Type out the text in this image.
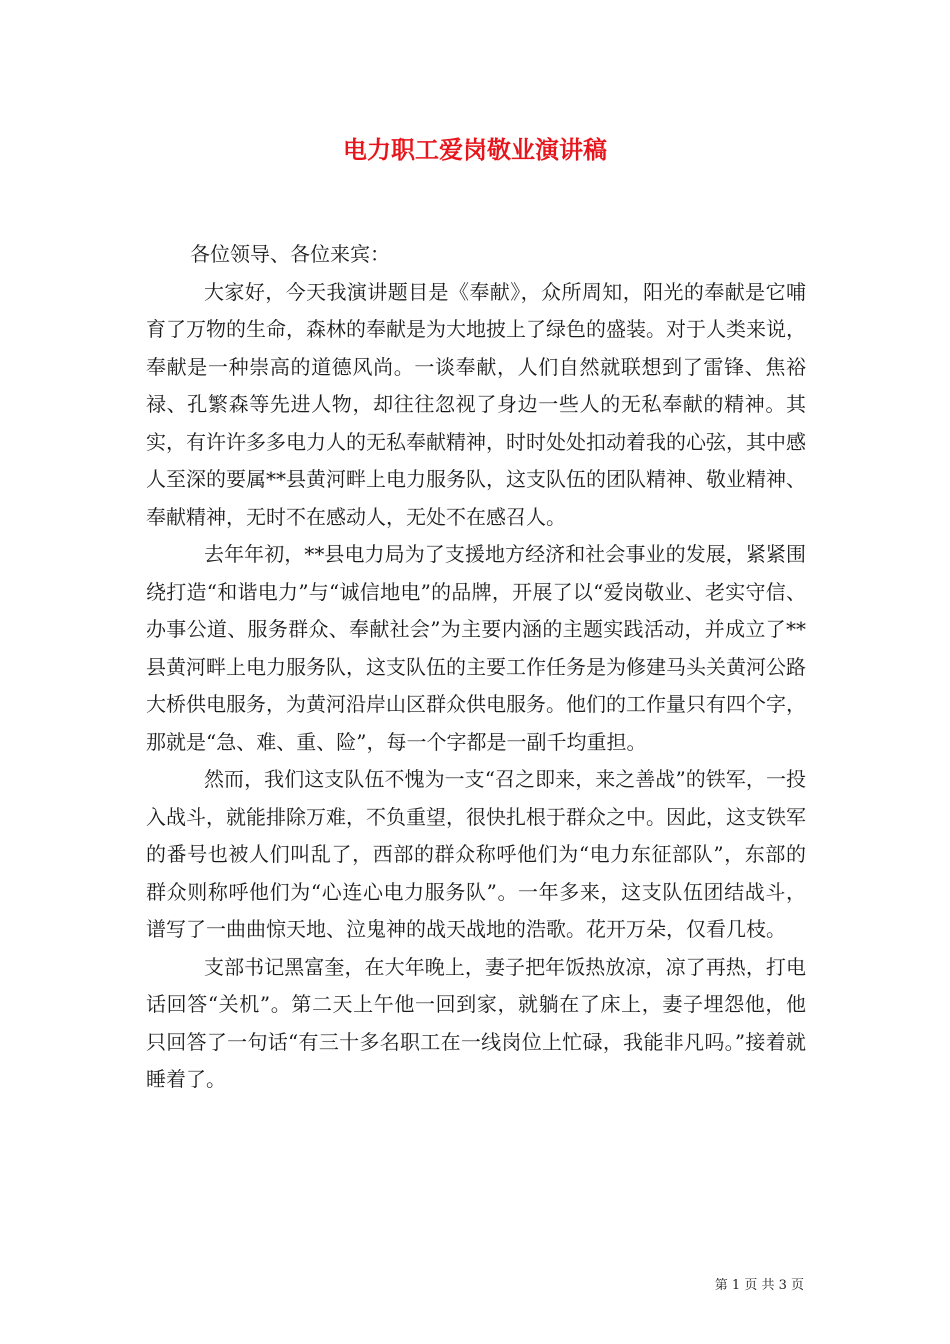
电力职工爱岗敬业演讲稿

各位领导、各位来宾：

大家好，今天我演讲题目是《奉献》，众所周知，阳光的奉献是它哺育了万物的生命，森林的奉献是为大地披上了绿色的盛装。对于人类来说，奉献是一种崇高的道德风尚。一谈奉献，人们自然就联想到了雷锋、焦裕禄、孔繁森等先进人物，却往往忽视了身边一些人的无私奉献的精神。其实，有许许多多电力人的无私奉献精神，时时处处扣动着我的心弦，其中感人至深的要属**县黄河畔上电力服务队，这支队伍的团队精神、敬业精神、奉献精神，无时不在感动人，无处不在感召人。

去年年初，**县电力局为了支援地方经济和社会事业的发展，紧紧围绕打造“和谐电力”与“诚信地电”的品牌，开展了以“爱岗敬业、老实守信、办事公道、服务群众、奉献社会”为主要内涵的主题实践活动，并成立了**县黄河畔上电力服务队，这支队伍的主要工作任务是为修建马头关黄河公路大桥供电服务，为黄河沿岸山区群众供电服务。他们的工作量只有四个字，那就是“急、难、重、险”，每一个字都是一副千均重担。

然而，我们这支队伍不愧为一支“召之即来，来之善战”的铁军，一投入战斗，就能排除万难，不负重望，很快扎根于群众之中。因此，这支铁军的番号也被人们叫乱了，西部的群众称呼他们为“电力东征部队”，东部的群众则称呼他们为“心连心电力服务队”。一年多来，这支队伍团结战斗，谱写了一曲曲惊天地、泣鬼神的战天战地的浩歌。花开万朵，仅看几枝。

支部书记黑富奎，在大年晚上，妻子把年饭热放凉，凉了再热，打电话回答“关机”。第二天上午他一回到家，就躺在了床上，妻子埋怨他，他只回答了一句话“有三十多名职工在一线岗位上忙碌，我能非凡吗。”接着就睡着了。

第 1 页 共 3 页
